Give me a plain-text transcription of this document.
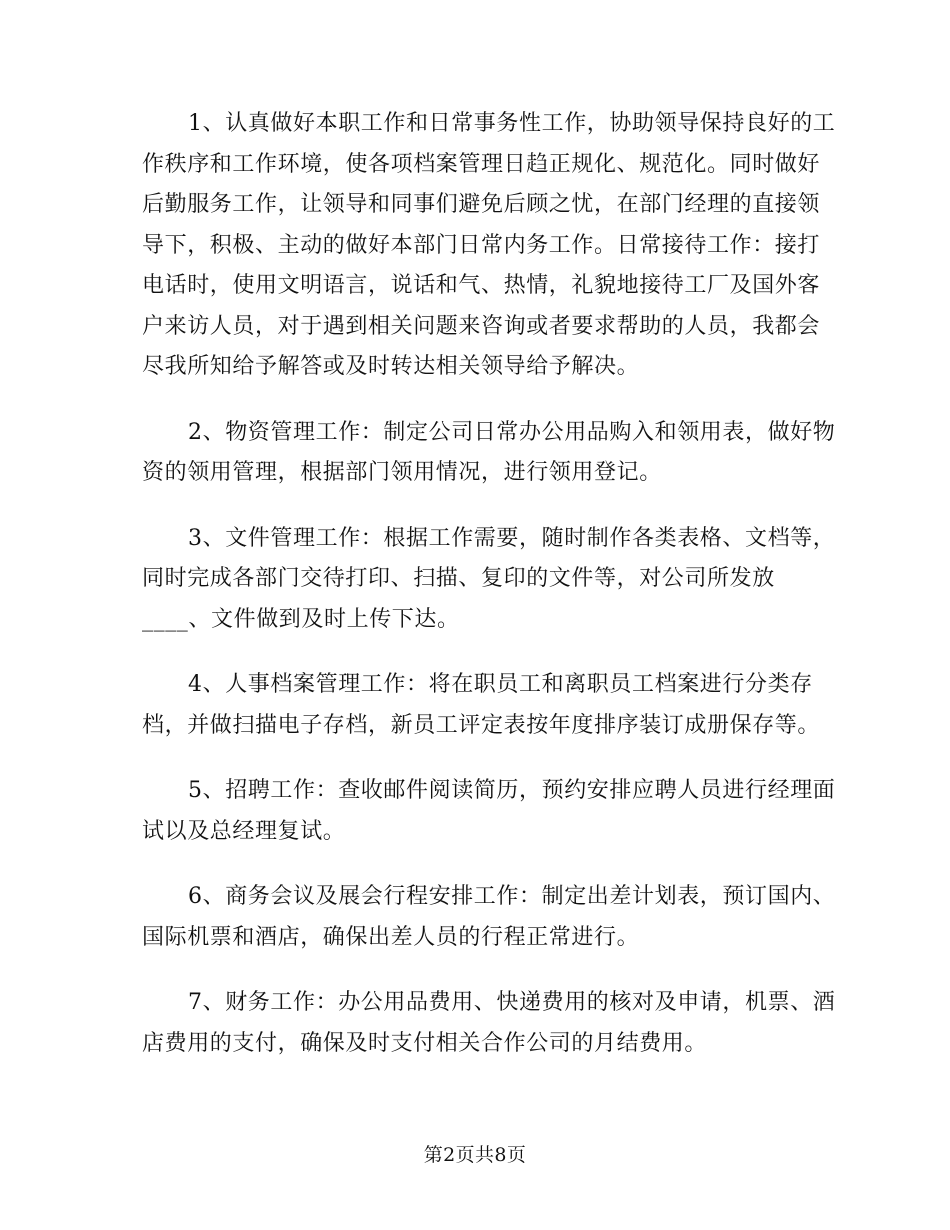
1、认真做好本职工作和日常事务性工作，协助领导保持良好的工
作秩序和工作环境，使各项档案管理日趋正规化、规范化。同时做好
后勤服务工作，让领导和同事们避免后顾之忧，在部门经理的直接领
导下，积极、主动的做好本部门日常内务工作。日常接待工作：接打
电话时，使用文明语言，说话和气、热情，礼貌地接待工厂及国外客
户来访人员，对于遇到相关问题来咨询或者要求帮助的人员，我都会
尽我所知给予解答或及时转达相关领导给予解决。

2、物资管理工作：制定公司日常办公用品购入和领用表，做好物
资的领用管理，根据部门领用情况，进行领用登记。

3、文件管理工作：根据工作需要，随时制作各类表格、文档等，
同时完成各部门交待打印、扫描、复印的文件等，对公司所发放
____、文件做到及时上传下达。

4、人事档案管理工作：将在职员工和离职员工档案进行分类存
档，并做扫描电子存档，新员工评定表按年度排序装订成册保存等。

5、招聘工作：查收邮件阅读简历，预约安排应聘人员进行经理面
试以及总经理复试。

6、商务会议及展会行程安排工作：制定出差计划表，预订国内、
国际机票和酒店，确保出差人员的行程正常进行。

7、财务工作：办公用品费用、快递费用的核对及申请，机票、酒
店费用的支付，确保及时支付相关合作公司的月结费用。

第2页共8页
